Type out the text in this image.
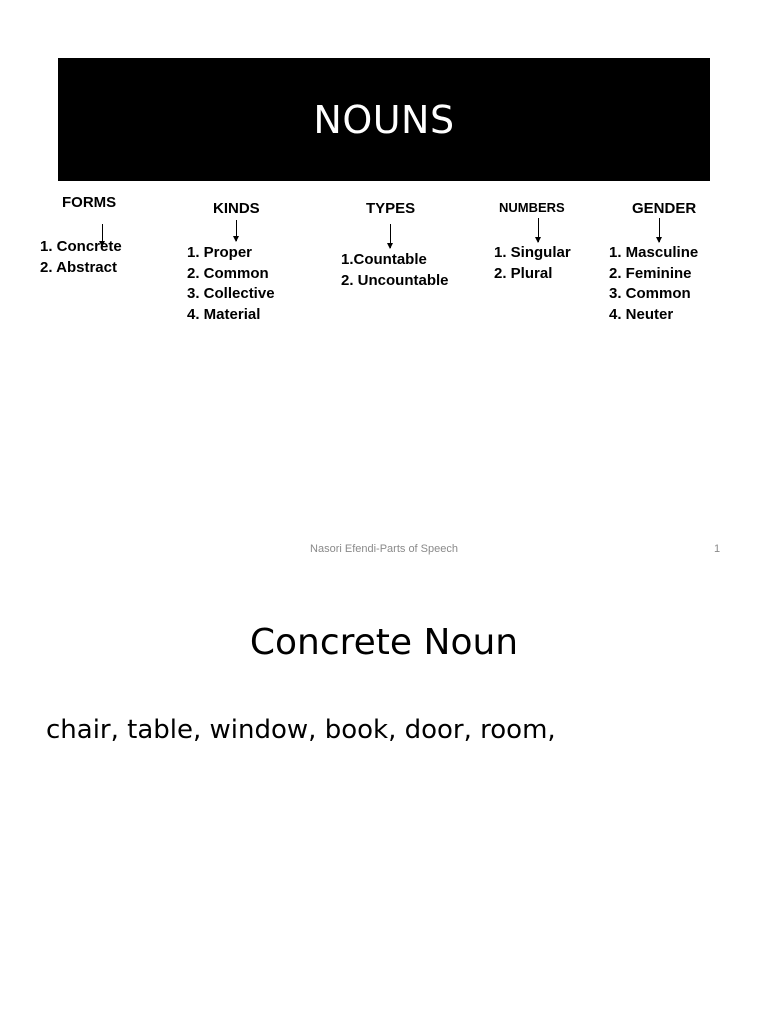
NOUNS
FORMS
1. Concrete
2. Abstract
KINDS
1. Proper
2. Common
3. Collective
4. Material
TYPES
1.Countable
2. Uncountable
NUMBERS
1. Singular
2. Plural
GENDER
1. Masculine
2. Feminine
3. Common
4. Neuter
Nasori Efendi-Parts of Speech	1
Concrete Noun
chair, table, window, book, door, room,
